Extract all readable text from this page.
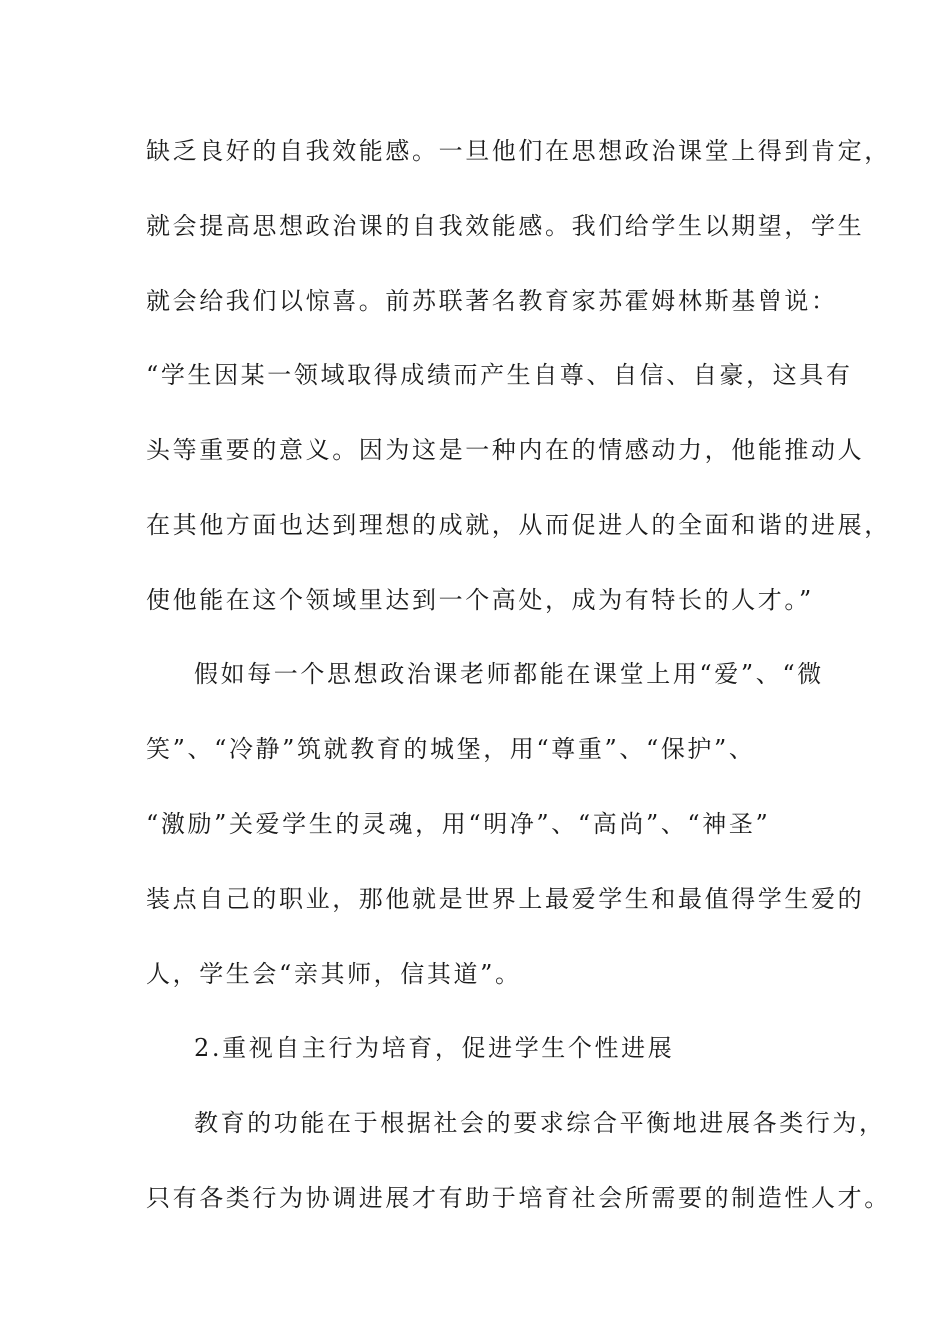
缺乏良好的自我效能感。一旦他们在思想政治课堂上得到肯定，
就会提高思想政治课的自我效能感。我们给学生以期望，学生
就会给我们以惊喜。前苏联著名教育家苏霍姆林斯基曾说：
“学生因某一领域取得成绩而产生自尊、自信、自豪，这具有
头等重要的意义。因为这是一种内在的情感动力，他能推动人
在其他方面也达到理想的成就，从而促进人的全面和谐的进展，
使他能在这个领域里达到一个高处，成为有特长的人才。”
假如每一个思想政治课老师都能在课堂上用“爱”、“微
笑”、“冷静”筑就教育的城堡，用“尊重”、“保护”、
“激励”关爱学生的灵魂，用“明净”、“高尚”、“神圣”
装点自己的职业，那他就是世界上最爱学生和最值得学生爱的
人，学生会“亲其师，信其道”。
2.重视自主行为培育，促进学生个性进展
教育的功能在于根据社会的要求综合平衡地进展各类行为，
只有各类行为协调进展才有助于培育社会所需要的制造性人才。
